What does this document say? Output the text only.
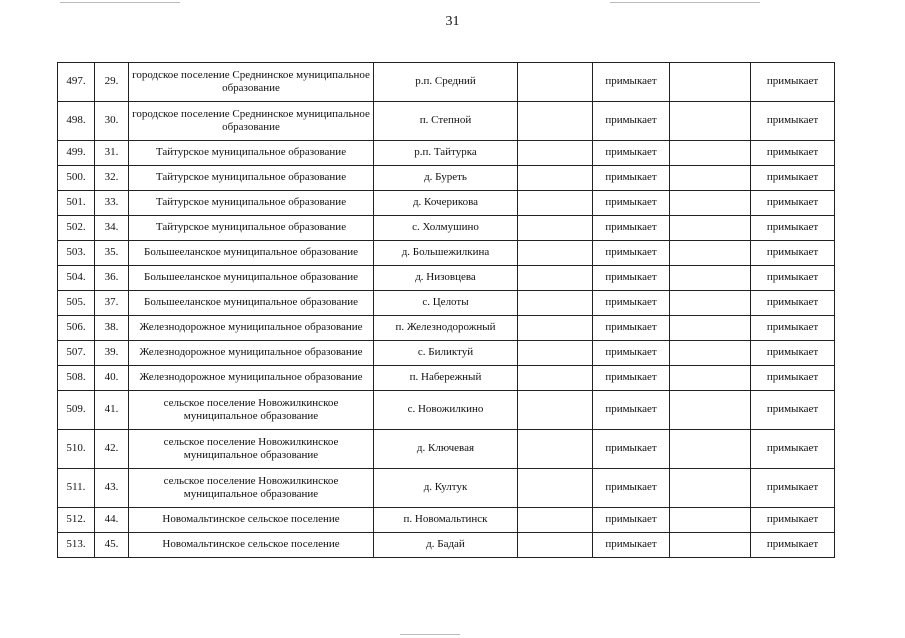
31
497.	29.	городское поселение Среднинское муниципальное образование	р.п. Средний		примыкает		примыкает
498.	30.	городское поселение Среднинское муниципальное образование	п. Степной		примыкает		примыкает
499.	31.	Тайтурское муниципальное образование	р.п. Тайтурка		примыкает		примыкает
500.	32.	Тайтурское муниципальное образование	д. Буреть		примыкает		примыкает
501.	33.	Тайтурское муниципальное образование	д. Кочерикова		примыкает		примыкает
502.	34.	Тайтурское муниципальное образование	с. Холмушино		примыкает		примыкает
503.	35.	Большееланское муниципальное образование	д. Большежилкина		примыкает		примыкает
504.	36.	Большееланское муниципальное образование	д. Низовцева		примыкает		примыкает
505.	37.	Большееланское муниципальное образование	с. Целоты		примыкает		примыкает
506.	38.	Железнодорожное муниципальное образование	п. Железнодорожный		примыкает		примыкает
507.	39.	Железнодорожное муниципальное образование	с. Биликтуй		примыкает		примыкает
508.	40.	Железнодорожное муниципальное образование	п. Набережный		примыкает		примыкает
509.	41.	сельское поселение Новожилкинское муниципальное образование	с. Новожилкино		примыкает		примыкает
510.	42.	сельское поселение Новожилкинское муниципальное образование	д. Ключевая		примыкает		примыкает
511.	43.	сельское поселение Новожилкинское муниципальное образование	д. Култук		примыкает		примыкает
512.	44.	Новомальтинское сельское поселение	п. Новомальтинск		примыкает		примыкает
513.	45.	Новомальтинское сельское поселение	д. Бадай		примыкает		примыкает
